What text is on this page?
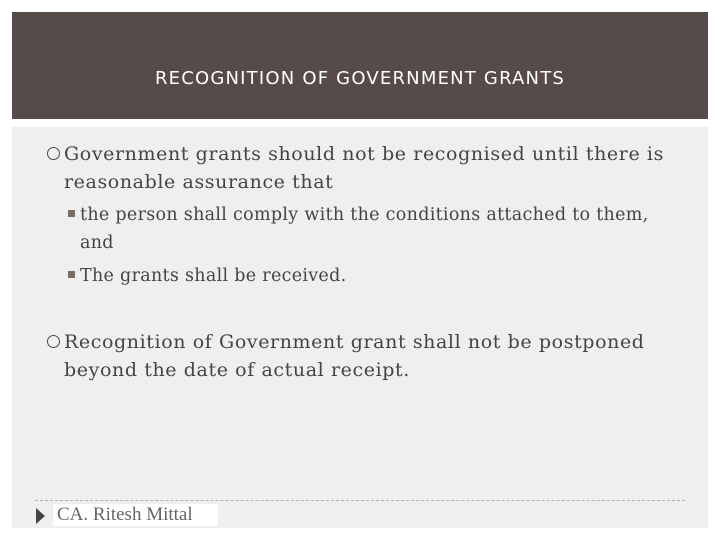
RECOGNITION OF GOVERNMENT GRANTS
Government grants should not be recognised until there is reasonable assurance that
the person shall comply with the conditions attached to them, and
The grants shall be received.
Recognition of Government grant shall not be postponed beyond the date of actual receipt.
CA. Ritesh Mittal
